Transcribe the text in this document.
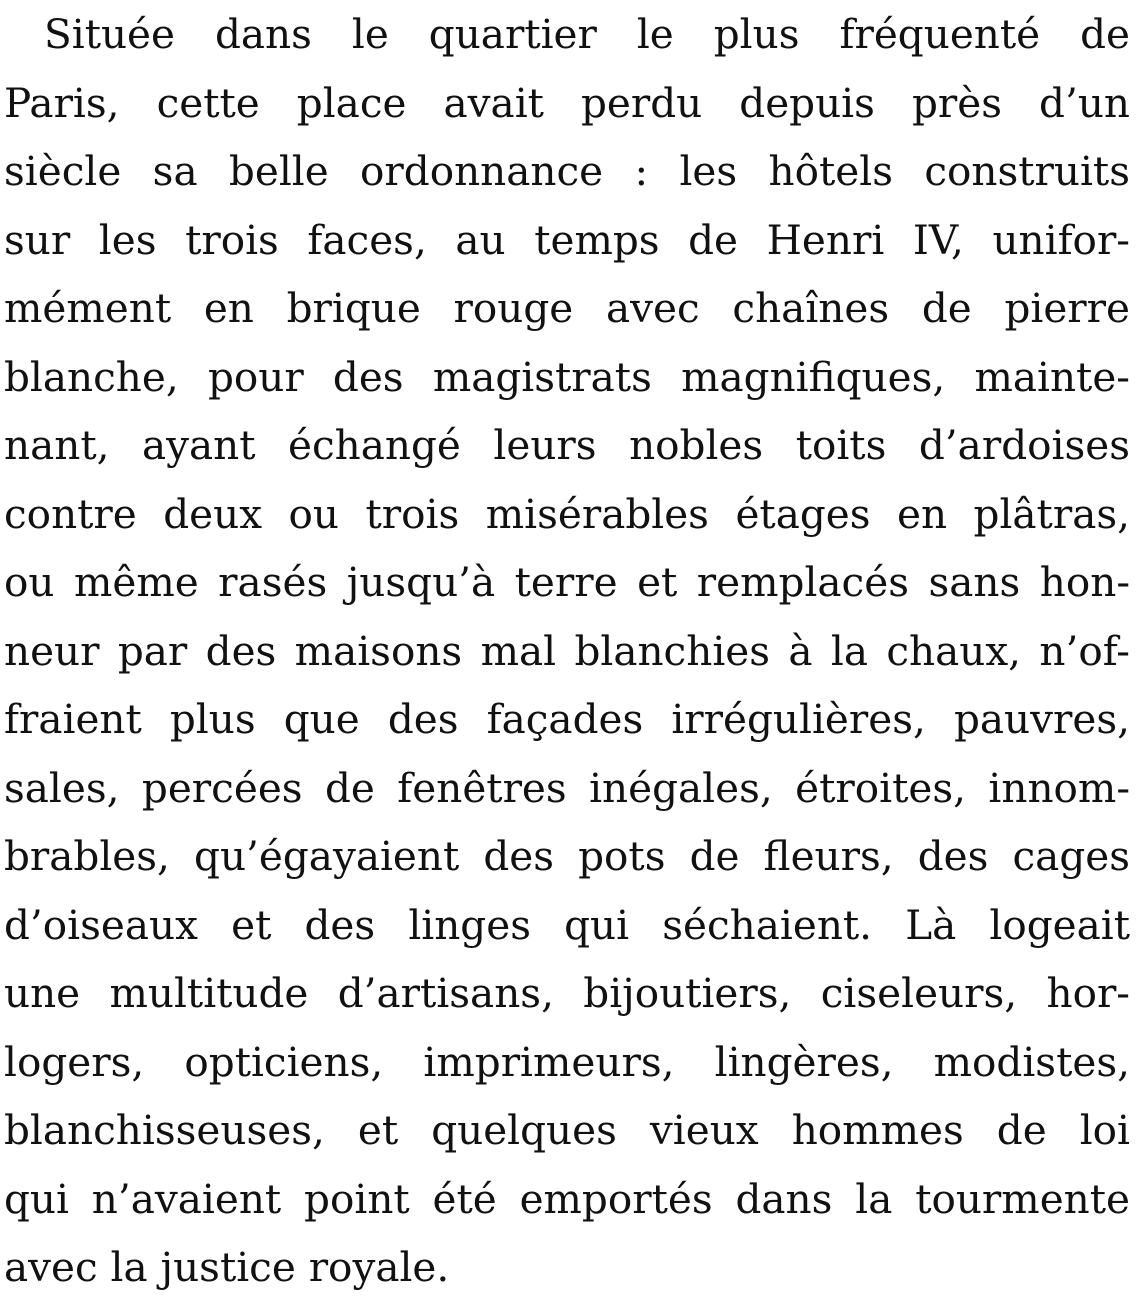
Située dans le quartier le plus fréquenté de
Paris, cette place avait perdu depuis près d’un
siècle sa belle ordonnance : les hôtels construits
sur les trois faces, au temps de Henri IV, unifor-
mément en brique rouge avec chaînes de pierre
blanche, pour des magistrats magnifiques, mainte-
nant, ayant échangé leurs nobles toits d’ardoises
contre deux ou trois misérables étages en plâtras,
ou même rasés jusqu’à terre et remplacés sans hon-
neur par des maisons mal blanchies à la chaux, n’of-
fraient plus que des façades irrégulières, pauvres,
sales, percées de fenêtres inégales, étroites, innom-
brables, qu’égayaient des pots de fleurs, des cages
d’oiseaux et des linges qui séchaient. Là logeait
une multitude d’artisans, bijoutiers, ciseleurs, hor-
logers, opticiens, imprimeurs, lingères, modistes,
blanchisseuses, et quelques vieux hommes de loi
qui n’avaient point été emportés dans la tourmente
avec la justice royale.
